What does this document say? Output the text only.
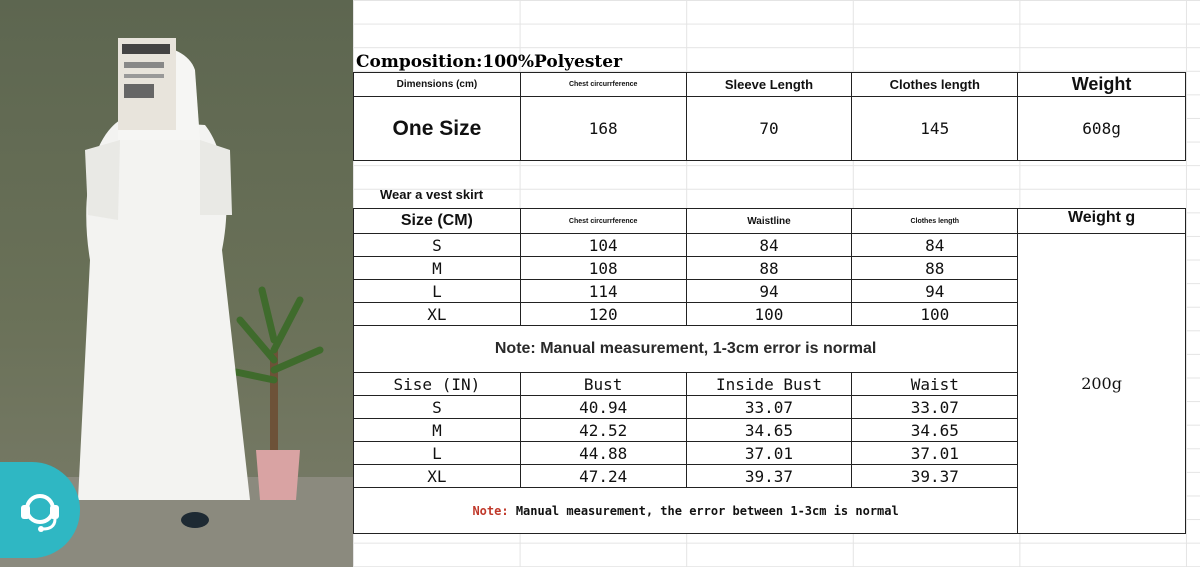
Composition:100%Polyester
Dimensions (cm)	Chest circurrference	Sleeve Length	Clothes length	Weight
One Size	168	70	145	608g
Wear a vest skirt
Size (CM)	Chest circurrference	Waistline	Clothes length	Weight g
S	104	84	84	200g
M	108	88	88	
L	114	94	94	
XL	120	100	100	
Note: Manual measurement, 1-3cm error is normal				
Sise (IN)	Bust	Inside Bust	Waist	
S	40.94	33.07	33.07	
M	42.52	34.65	34.65	
L	44.88	37.01	37.01	
XL	47.24	39.37	39.37	
Note: Manual measurement, the error between 1-3cm is normal				
